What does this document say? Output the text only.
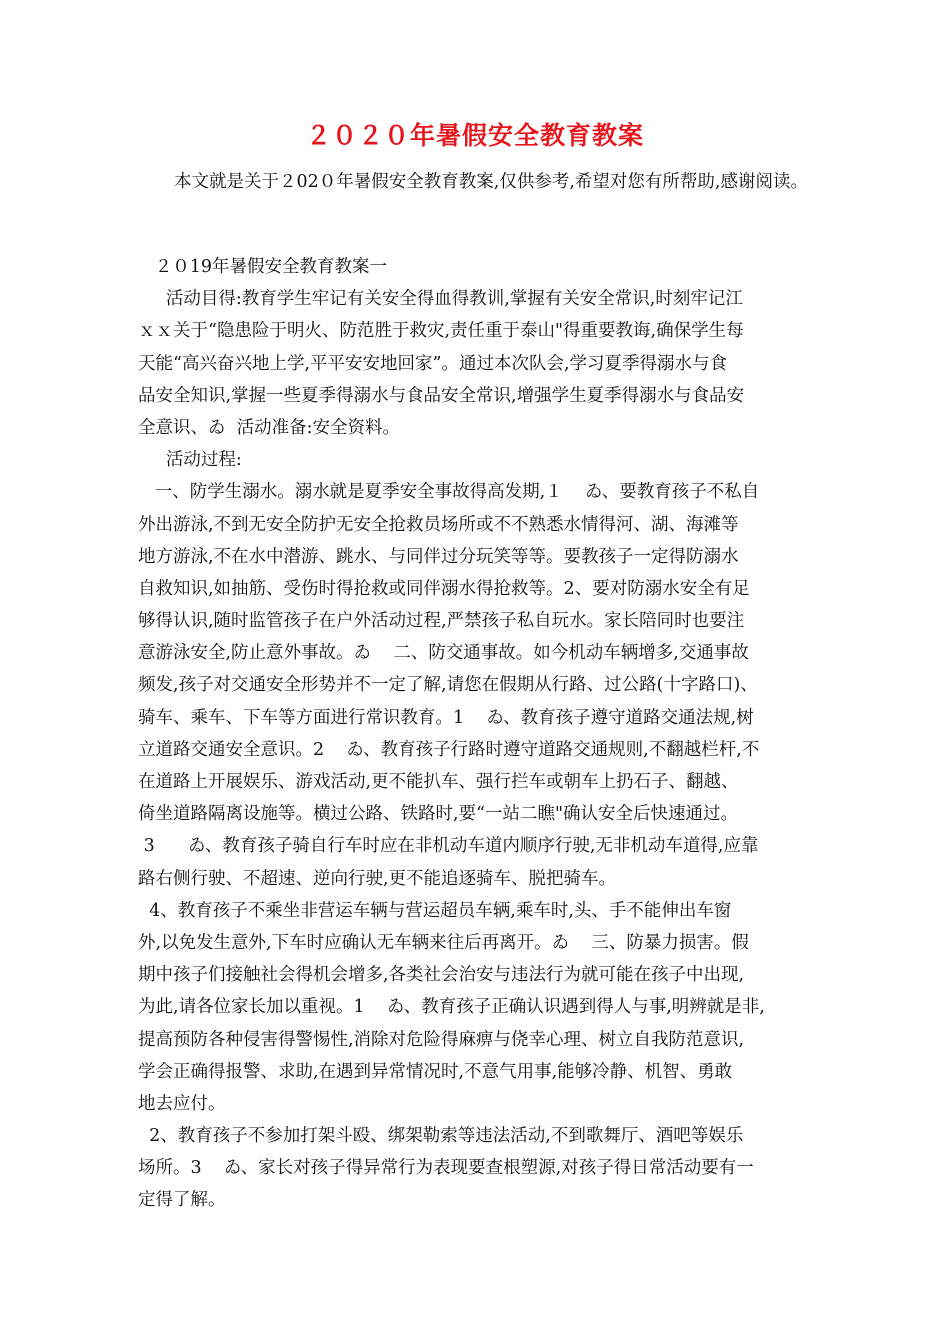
２０２０年暑假安全教育教案

本文就是关于２02０年暑假安全教育教案,仅供参考,希望对您有所帮助,感谢阅读。

２０19年暑假安全教育教案一
活动目得:教育学生牢记有关安全得血得教训,掌握有关安全常识,时刻牢记江
ｘｘ关于“隐患险于明火、防范胜于救灾,责任重于泰山"得重要教诲,确保学生每
天能“高兴奋兴地上学,平平安安地回家”。通过本次队会,学习夏季得溺水与食
品安全知识,掌握一些夏季得溺水与食品安全常识,增强学生夏季得溺水与食品安
全意识、ゐ  活动准备:安全资料。
活动过程:
一、防学生溺水。溺水就是夏季安全事故得高发期,１    ゐ、要教育孩子不私自
外出游泳,不到无安全防护无安全抢救员场所或不不熟悉水情得河、湖、海滩等
地方游泳,不在水中潜游、跳水、与同伴过分玩笑等等。要教孩子一定得防溺水
自救知识,如抽筋、受伤时得抢救或同伴溺水得抢救等。2、要对防溺水安全有足
够得认识,随时监管孩子在户外活动过程,严禁孩子私自玩水。家长陪同时也要注
意游泳安全,防止意外事故。ゐ    二、防交通事故。如今机动车辆增多,交通事故
频发,孩子对交通安全形势并不一定了解,请您在假期从行路、过公路(十字路口)、
骑车、乘车、下车等方面进行常识教育。1    ゐ、教育孩子遵守道路交通法规,树
立道路交通安全意识。2    ゐ、教育孩子行路时遵守道路交通规则,不翻越栏杆,不
在道路上开展娱乐、游戏活动,更不能扒车、强行拦车或朝车上扔石子、翻越、
倚坐道路隔离设施等。横过公路、铁路时,要“一站二瞧"确认安全后快速通过。
3      ゐ、教育孩子骑自行车时应在非机动车道内顺序行驶,无非机动车道得,应靠
路右侧行驶、不超速、逆向行驶,更不能追逐骑车、脱把骑车。
4、教育孩子不乘坐非营运车辆与营运超员车辆,乘车时,头、手不能伸出车窗
外,以免发生意外,下车时应确认无车辆来往后再离开。ゐ    三、防暴力损害。假
期中孩子们接触社会得机会增多,各类社会治安与违法行为就可能在孩子中出现,
为此,请各位家长加以重视。1    ゐ、教育孩子正确认识遇到得人与事,明辨就是非,
提高预防各种侵害得警惕性,消除对危险得麻痹与侥幸心理、树立自我防范意识,
学会正确得报警、求助,在遇到异常情况时,不意气用事,能够冷静、机智、勇敢
地去应付。
2、教育孩子不参加打架斗殴、绑架勒索等违法活动,不到歌舞厅、酒吧等娱乐
场所。3    ゐ、家长对孩子得异常行为表现要查根塑源,对孩子得日常活动要有一
定得了解。
